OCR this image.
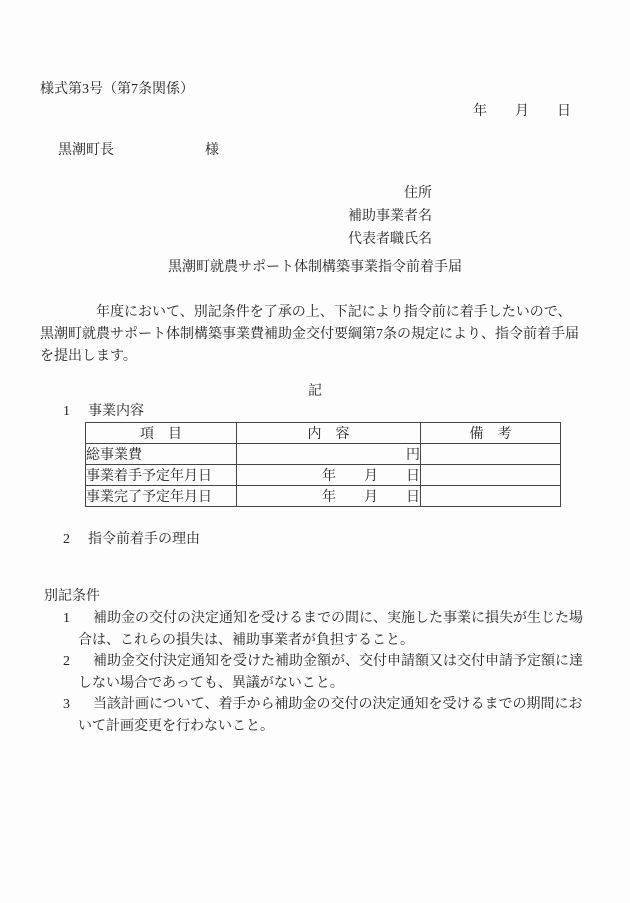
様式第3号（第7条関係）
年　　月　　日
黒潮町長	様
住所
補助事業者名
代表者職氏名
黒潮町就農サポート体制構築事業指令前着手届
　　　　年度において、別記条件を了承の上、下記により指令前に着手したいので、
黒潮町就農サポート体制構築事業費補助金交付要綱第7条の規定により、指令前着手届
を提出します。
記
1 事業内容
項　目	内　容	備　考
総事業費	円	
事業着手予定年月日	年　　月　　日	
事業完了予定年月日	年　　月　　日	
2 指令前着手の理由
別記条件
1 補助金の交付の決定通知を受けるまでの間に、実施した事業に損失が生じた場
合は、これらの損失は、補助事業者が負担すること。
2 補助金交付決定通知を受けた補助金額が、交付申請額又は交付申請予定額に達
しない場合であっても、異議がないこと。
3 当該計画について、着手から補助金の交付の決定通知を受けるまでの期間にお
いて計画変更を行わないこと。
